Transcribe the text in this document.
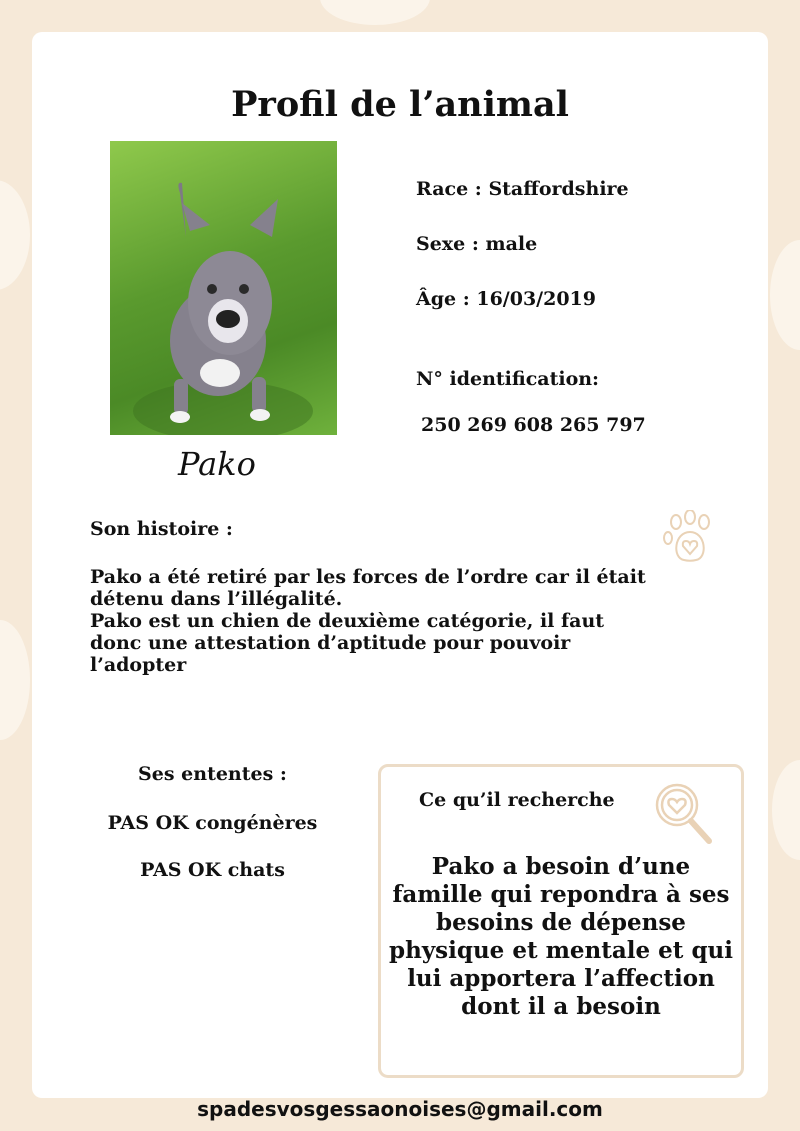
Profil de l’animal
Pako
Race : Staffordshire
Sexe : male
Âge : 16/03/2019
N° identification:
250 269 608 265 797
Son histoire :

Pako a été retiré par les forces de l’ordre car il était détenu dans l’illégalité.

Pako est un chien de deuxième catégorie, il faut donc une attestation d’aptitude pour pouvoir l’adopter

Ses ententes :
PAS OK congénères
PAS OK chats
Ce qu’il recherche
Pako a besoin d’une famille qui repondra à ses besoins de dépense physique et mentale et qui lui apportera l’affection dont il a besoin
spadesvosgessaonoises@gmail.com
